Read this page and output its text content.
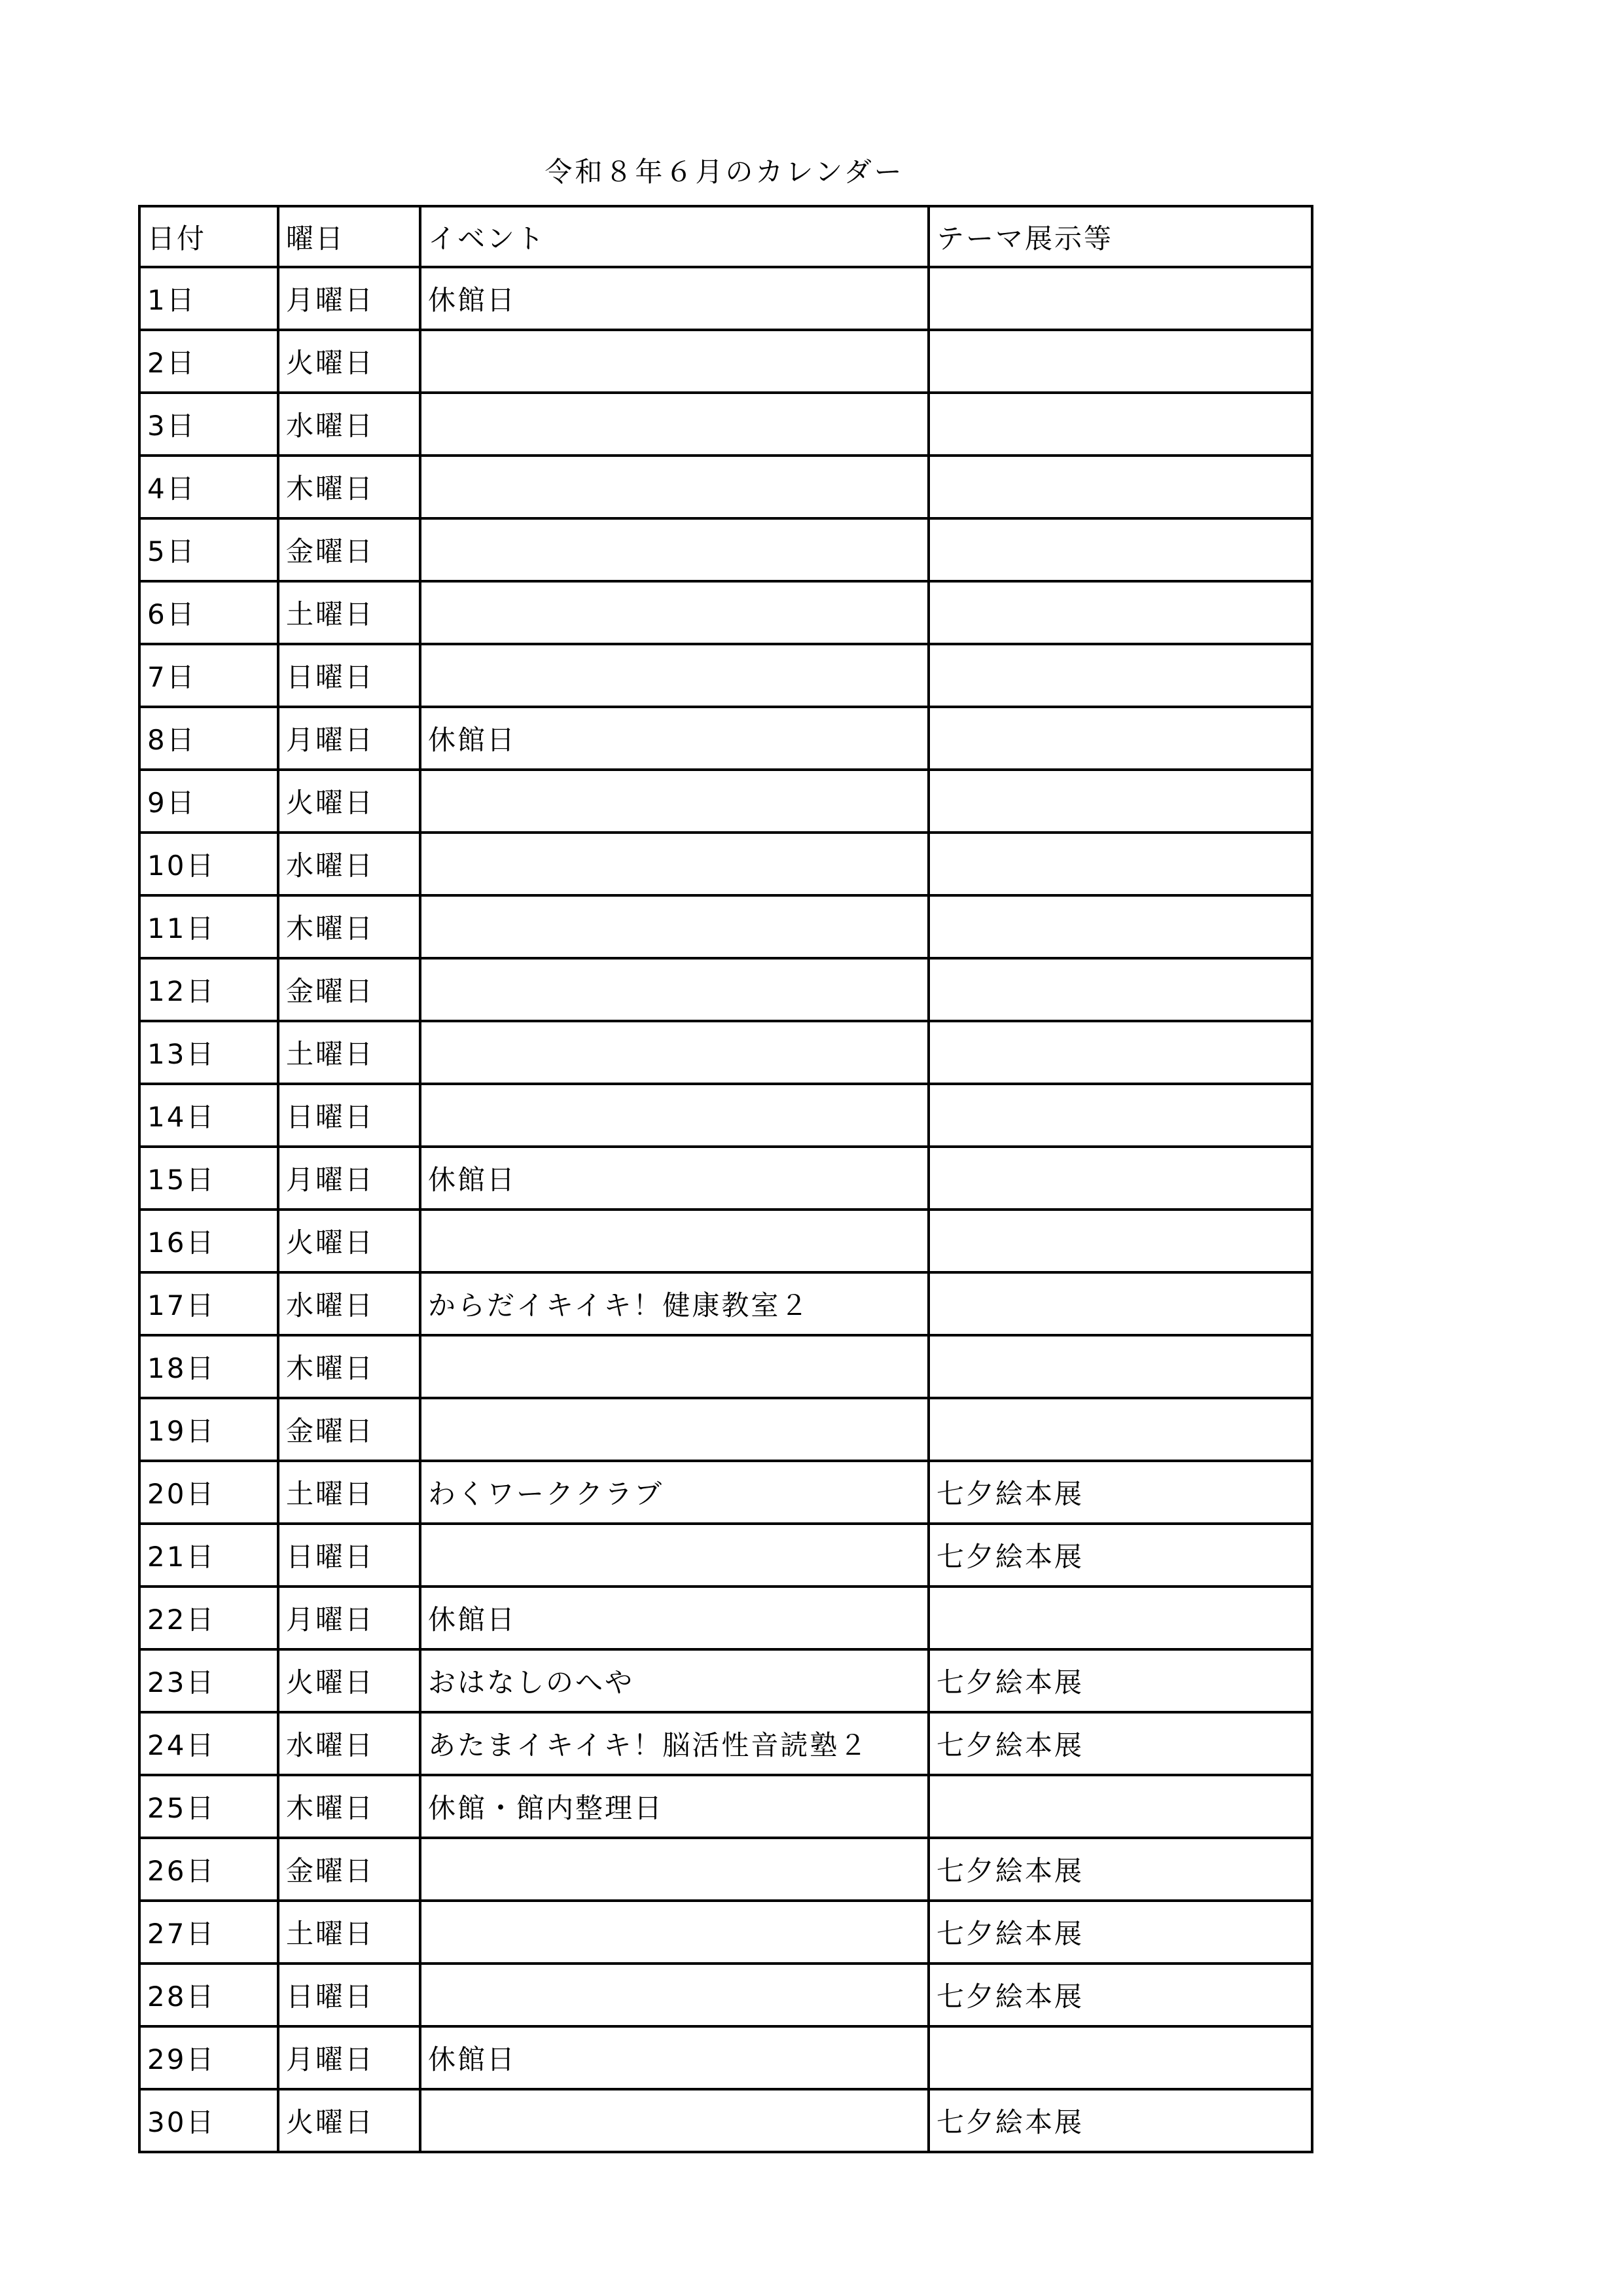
令和８年６月のカレンダー
日付	曜日	イベント	テーマ展示等
1日	月曜日	休館日	
2日	火曜日		
3日	水曜日		
4日	木曜日		
5日	金曜日		
6日	土曜日		
7日	日曜日		
8日	月曜日	休館日	
9日	火曜日		
10日	水曜日		
11日	木曜日		
12日	金曜日		
13日	土曜日		
14日	日曜日		
15日	月曜日	休館日	
16日	火曜日		
17日	水曜日	からだイキイキ！健康教室２	
18日	木曜日		
19日	金曜日		
20日	土曜日	わくワーククラブ	七夕絵本展
21日	日曜日		七夕絵本展
22日	月曜日	休館日	
23日	火曜日	おはなしのへや	七夕絵本展
24日	水曜日	あたまイキイキ！脳活性音読塾２	七夕絵本展
25日	木曜日	休館・館内整理日	
26日	金曜日		七夕絵本展
27日	土曜日		七夕絵本展
28日	日曜日		七夕絵本展
29日	月曜日	休館日	
30日	火曜日		七夕絵本展
